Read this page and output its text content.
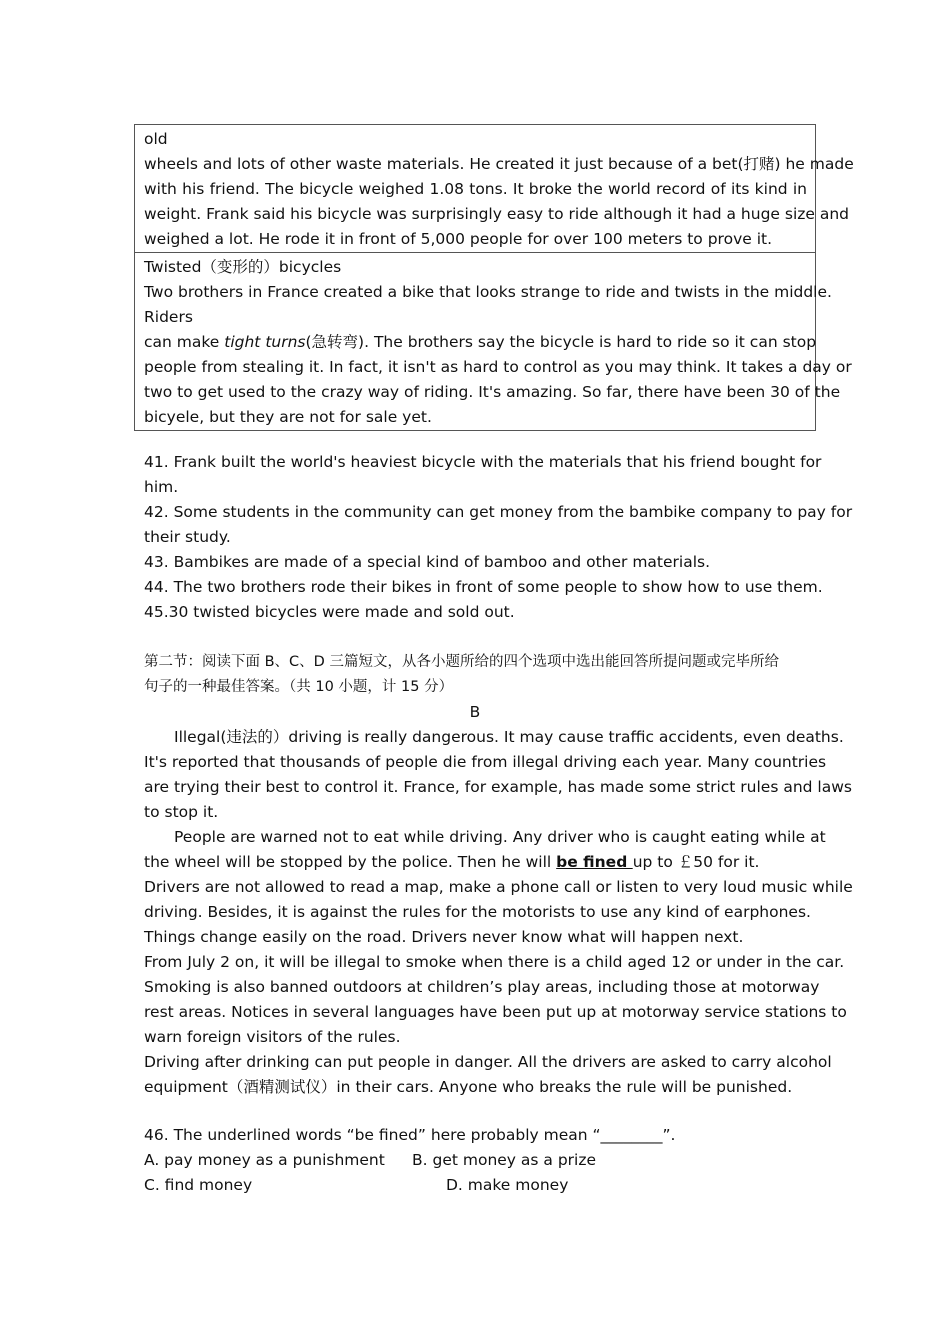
old
wheels and lots of other waste materials. He created it just because of a bet(打赌) he made
with his friend. The bicycle weighed 1.08 tons. It broke the world record of its kind in
weight. Frank said his bicycle was surprisingly easy to ride although it had a huge size and
weighed a lot. He rode it in front of 5,000 people for over 100 meters to prove it.
Twisted（变形的）bicycles
Two brothers in France created a bike that looks strange to ride and twists in the middle.
Riders
can make tight turns(急转弯). The brothers say the bicycle is hard to ride so it can stop
people from stealing it. In fact, it isn't as hard to control as you may think. It takes a day or
two to get used to the crazy way of riding. It's amazing. So far, there have been 30 of the
bicyele, but they are not for sale yet.
41. Frank built the world's heaviest bicycle with the materials that his friend bought for
him.
42. Some students in the community can get money from the bambike company to pay for
their study.
43. Bambikes are made of a special kind of bamboo and other materials.
44. The two brothers rode their bikes in front of some people to show how to use them.
45.30 twisted bicycles were made and sold out.
第二节：阅读下面 B、C、D 三篇短文，从各小题所给的四个选项中选出能回答所提问题或完毕所给
句子的一种最佳答案。（共 10 小题，计 15 分）
B
Illegal(违法的）driving is really dangerous. It may cause traffic accidents, even deaths.
It's reported that thousands of people die from illegal driving each year. Many countries
are trying their best to control it. France, for example, has made some strict rules and laws
to stop it.
People are warned not to eat while driving. Any driver who is caught eating while at
the wheel will be stopped by the police. Then he will be fined up to ￡50 for it.
Drivers are not allowed to read a map, make a phone call or listen to very loud music while
driving. Besides, it is against the rules for the motorists to use any kind of earphones.
Things change easily on the road. Drivers never know what will happen next.
From July 2 on, it will be illegal to smoke when there is a child aged 12 or under in the car.
Smoking is also banned outdoors at children’s play areas, including those at motorway
rest areas. Notices in several languages have been put up at motorway service stations to
warn foreign visitors of the rules.
Driving after drinking can put people in danger. All the drivers are asked to carry alcohol
equipment（酒精测试仪）in their cars. Anyone who breaks the rule will be punished.
46. The underlined words “be fined” here probably mean “________”.
A. pay money as a punishment B. get money as a prize
C. find money	D. make money
